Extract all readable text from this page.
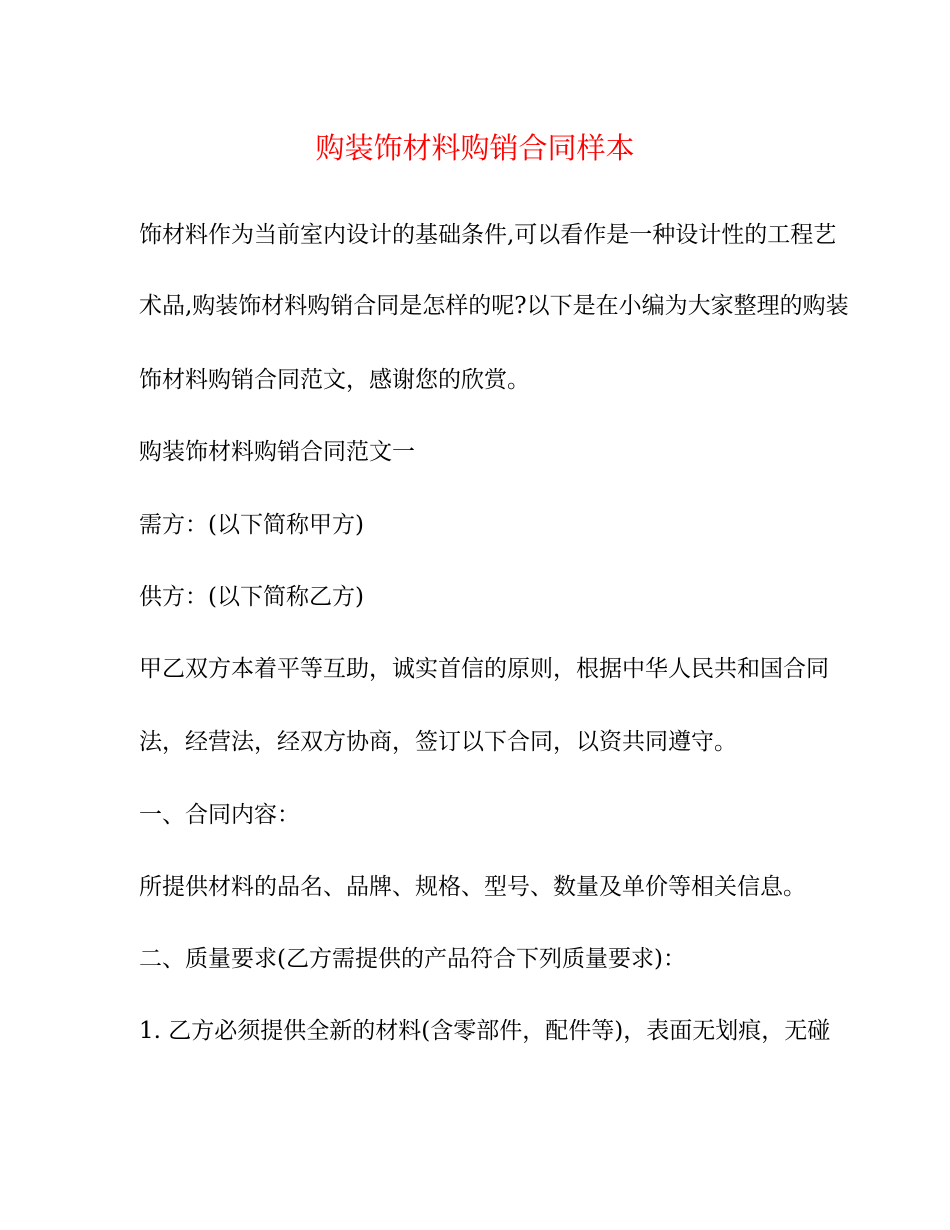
购装饰材料购销合同样本
饰材料作为当前室内设计的基础条件,可以看作是一种设计性的工程艺
术品,购装饰材料购销合同是怎样的呢?以下是在小编为大家整理的购装
饰材料购销合同范文，感谢您的欣赏。
购装饰材料购销合同范文一
需方：(以下简称甲方)
供方：(以下简称乙方)
甲乙双方本着平等互助，诚实首信的原则，根据中华人民共和国合同
法，经营法，经双方协商，签订以下合同，以资共同遵守。
一、合同内容：
所提供材料的品名、品牌、规格、型号、数量及单价等相关信息。
二、质量要求(乙方需提供的产品符合下列质量要求)：
1. 乙方必须提供全新的材料(含零部件，配件等)，表面无划痕，无碰
